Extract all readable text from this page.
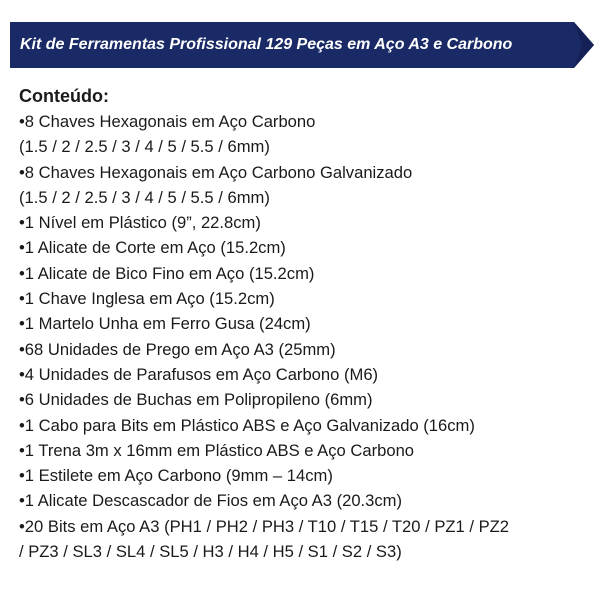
Kit de Ferramentas Profissional 129 Peças em Aço A3 e Carbono

Conteúdo:

•8 Chaves Hexagonais em Aço Carbono
(1.5 / 2 / 2.5 / 3 / 4 / 5 / 5.5 / 6mm)
•8 Chaves Hexagonais em Aço Carbono Galvanizado
(1.5 / 2 / 2.5 / 3 / 4 / 5 / 5.5 / 6mm)
•1 Nível em Plástico (9”, 22.8cm)
•1 Alicate de Corte em Aço (15.2cm)
•1 Alicate de Bico Fino em Aço (15.2cm)
•1 Chave Inglesa em Aço (15.2cm)
•1 Martelo Unha em Ferro Gusa (24cm)
•68 Unidades de Prego em Aço A3 (25mm)
•4 Unidades de Parafusos em Aço Carbono (M6)
•6 Unidades de Buchas em Polipropileno (6mm)
•1 Cabo para Bits em Plástico ABS e Aço Galvanizado (16cm)
•1 Trena 3m x 16mm em Plástico ABS e Aço Carbono
•1 Estilete em Aço Carbono (9mm – 14cm)
•1 Alicate Descascador de Fios em Aço A3 (20.3cm)
•20 Bits em Aço A3 (PH1 / PH2 / PH3 / T10 / T15 / T20 / PZ1 / PZ2
/ PZ3 / SL3 / SL4 / SL5 / H3 / H4 / H5 / S1 / S2 / S3)
